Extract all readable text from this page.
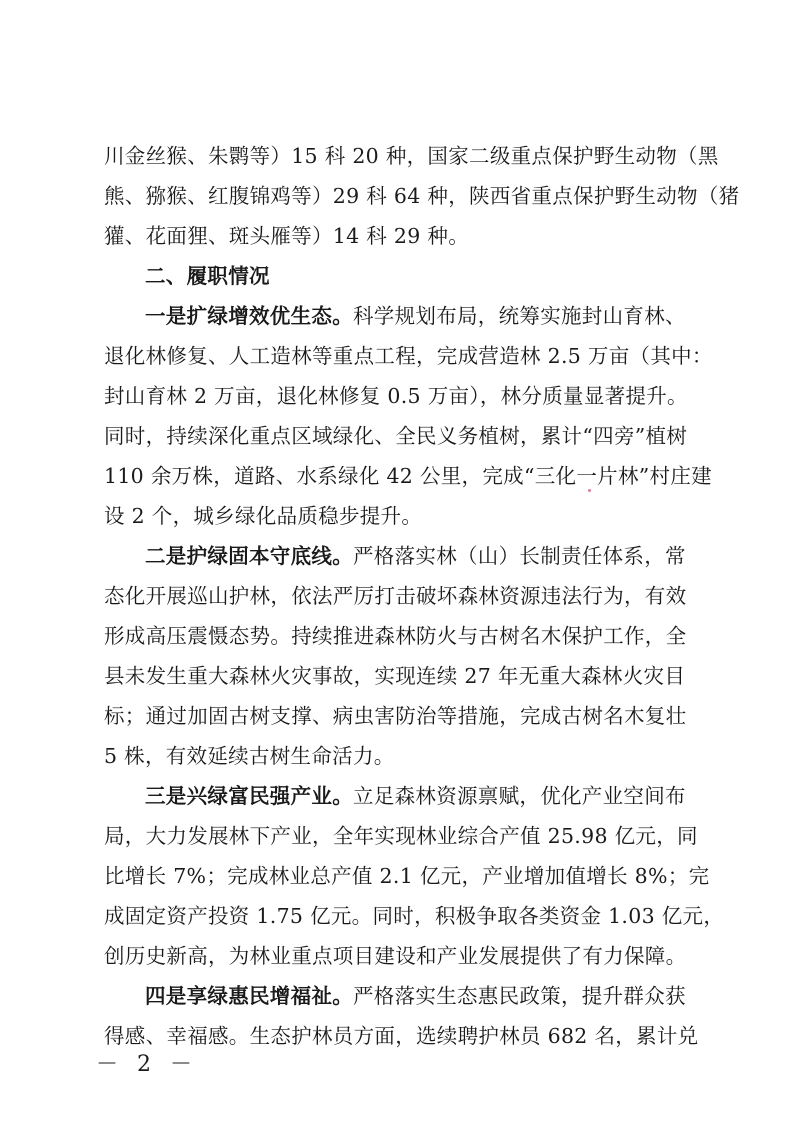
川金丝猴、朱鹮等）15 科 20 种，国家二级重点保护野生动物（黑
熊、猕猴、红腹锦鸡等）29 科 64 种，陕西省重点保护野生动物（猪
獾、花面狸、斑头雁等）14 科 29 种。
二、履职情况
一是扩绿增效优生态。科学规划布局，统筹实施封山育林、
退化林修复、人工造林等重点工程，完成营造林 2.5 万亩（其中：
封山育林 2 万亩，退化林修复 0.5 万亩），林分质量显著提升。
同时，持续深化重点区域绿化、全民义务植树，累计“四旁”植树
110 余万株，道路、水系绿化 42 公里，完成“三化一片林”村庄建
设 2 个，城乡绿化品质稳步提升。
二是护绿固本守底线。严格落实林（山）长制责任体系，常
态化开展巡山护林，依法严厉打击破坏森林资源违法行为，有效
形成高压震慑态势。持续推进森林防火与古树名木保护工作，全
县未发生重大森林火灾事故，实现连续 27 年无重大森林火灾目
标；通过加固古树支撑、病虫害防治等措施，完成古树名木复壮
5 株，有效延续古树生命活力。
三是兴绿富民强产业。立足森林资源禀赋，优化产业空间布
局，大力发展林下产业，全年实现林业综合产值 25.98 亿元，同
比增长 7%；完成林业总产值 2.1 亿元，产业增加值增长 8%；完
成固定资产投资 1.75 亿元。同时，积极争取各类资金 1.03 亿元，
创历史新高，为林业重点项目建设和产业发展提供了有力保障。
四是享绿惠民增福祉。严格落实生态惠民政策，提升群众获
得感、幸福感。生态护林员方面，选续聘护林员 682 名，累计兑
－ 2 －
